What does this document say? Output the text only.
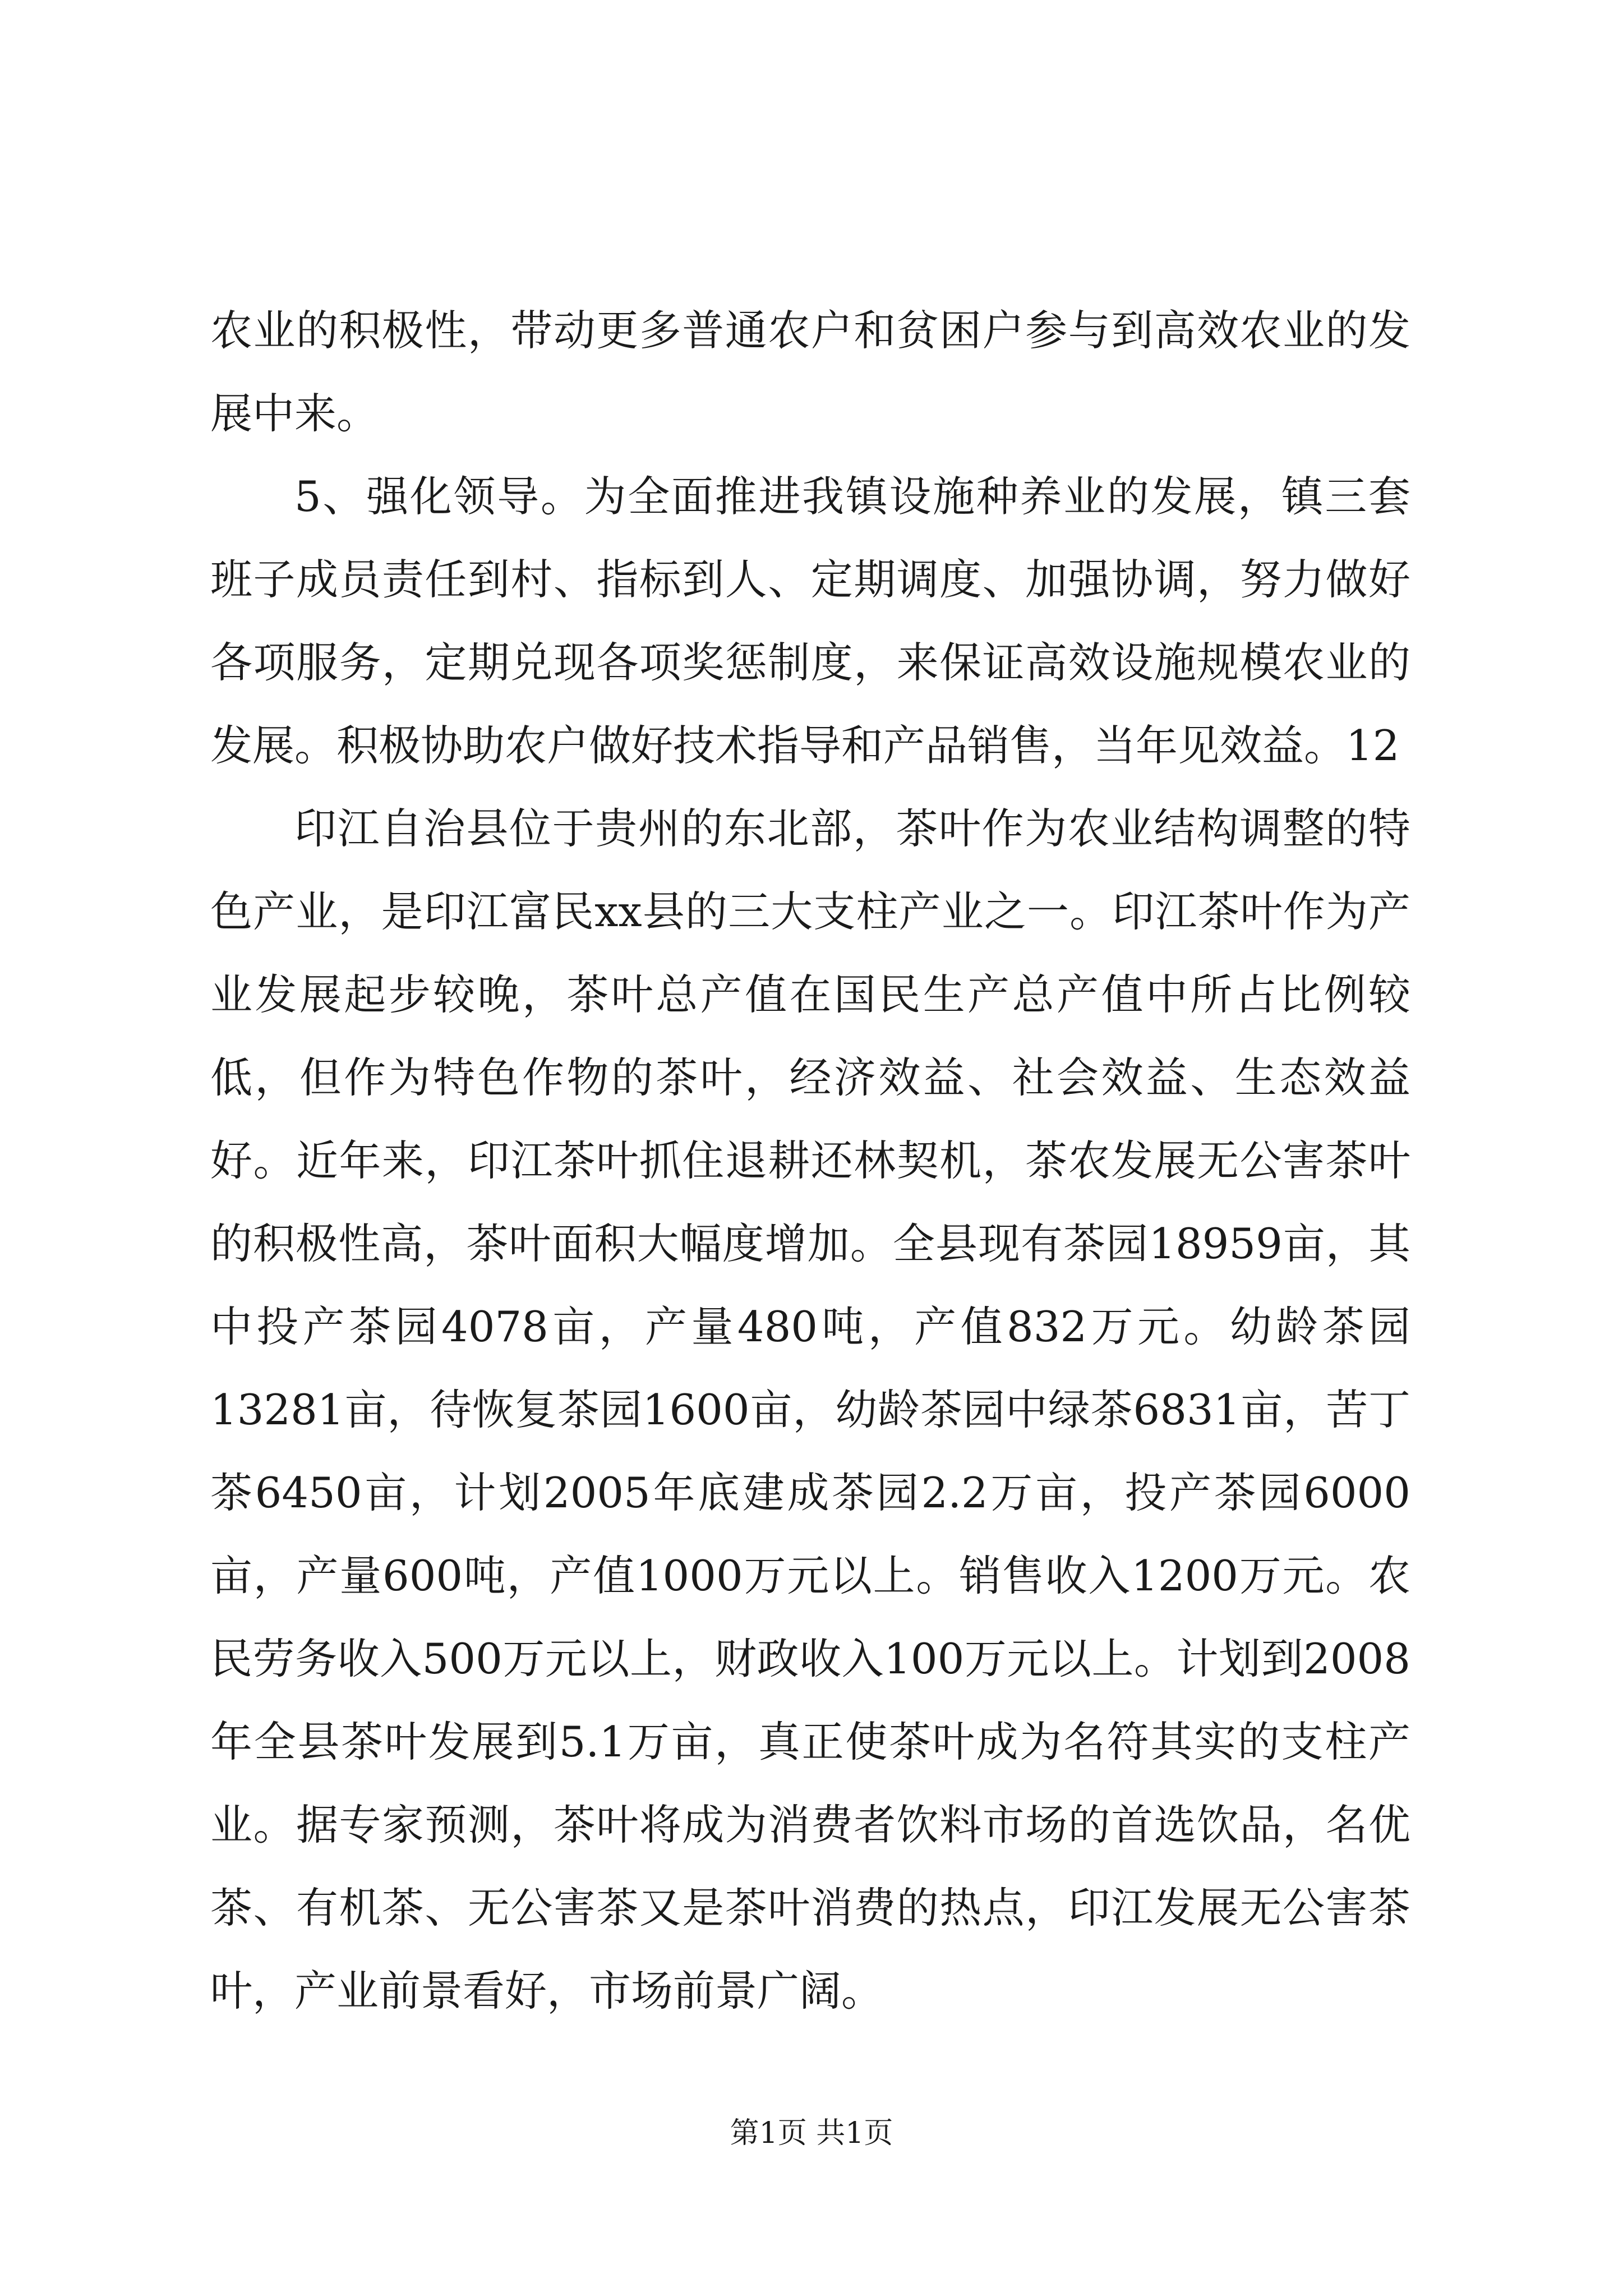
农业的积极性，带动更多普通农户和贫困户参与到高效农业的发展中来。

5、强化领导。为全面推进我镇设施种养业的发展，镇三套班子成员责任到村、指标到人、定期调度、加强协调，努力做好各项服务，定期兑现各项奖惩制度，来保证高效设施规模农业的发展。积极协助农户做好技术指导和产品销售，当年见效益。12

印江自治县位于贵州的东北部，茶叶作为农业结构调整的特色产业，是印江富民xx县的三大支柱产业之一。印江茶叶作为产业发展起步较晚，茶叶总产值在国民生产总产值中所占比例较低，但作为特色作物的茶叶，经济效益、社会效益、生态效益好。近年来，印江茶叶抓住退耕还林契机，茶农发展无公害茶叶的积极性高，茶叶面积大幅度增加。全县现有茶园18959亩，其中投产茶园4078亩，产量480吨，产值832万元。幼龄茶园13281亩，待恢复茶园1600亩，幼龄茶园中绿茶6831亩，苦丁茶6450亩，计划2005年底建成茶园2.2万亩，投产茶园6000亩，产量600吨，产值1000万元以上。销售收入1200万元。农民劳务收入500万元以上，财政收入100万元以上。计划到2008年全县茶叶发展到5.1万亩，真正使茶叶成为名符其实的支柱产业。据专家预测，茶叶将成为消费者饮料市场的首选饮品，名优茶、有机茶、无公害茶又是茶叶消费的热点，印江发展无公害茶叶，产业前景看好，市场前景广阔。

第1页 共1页
